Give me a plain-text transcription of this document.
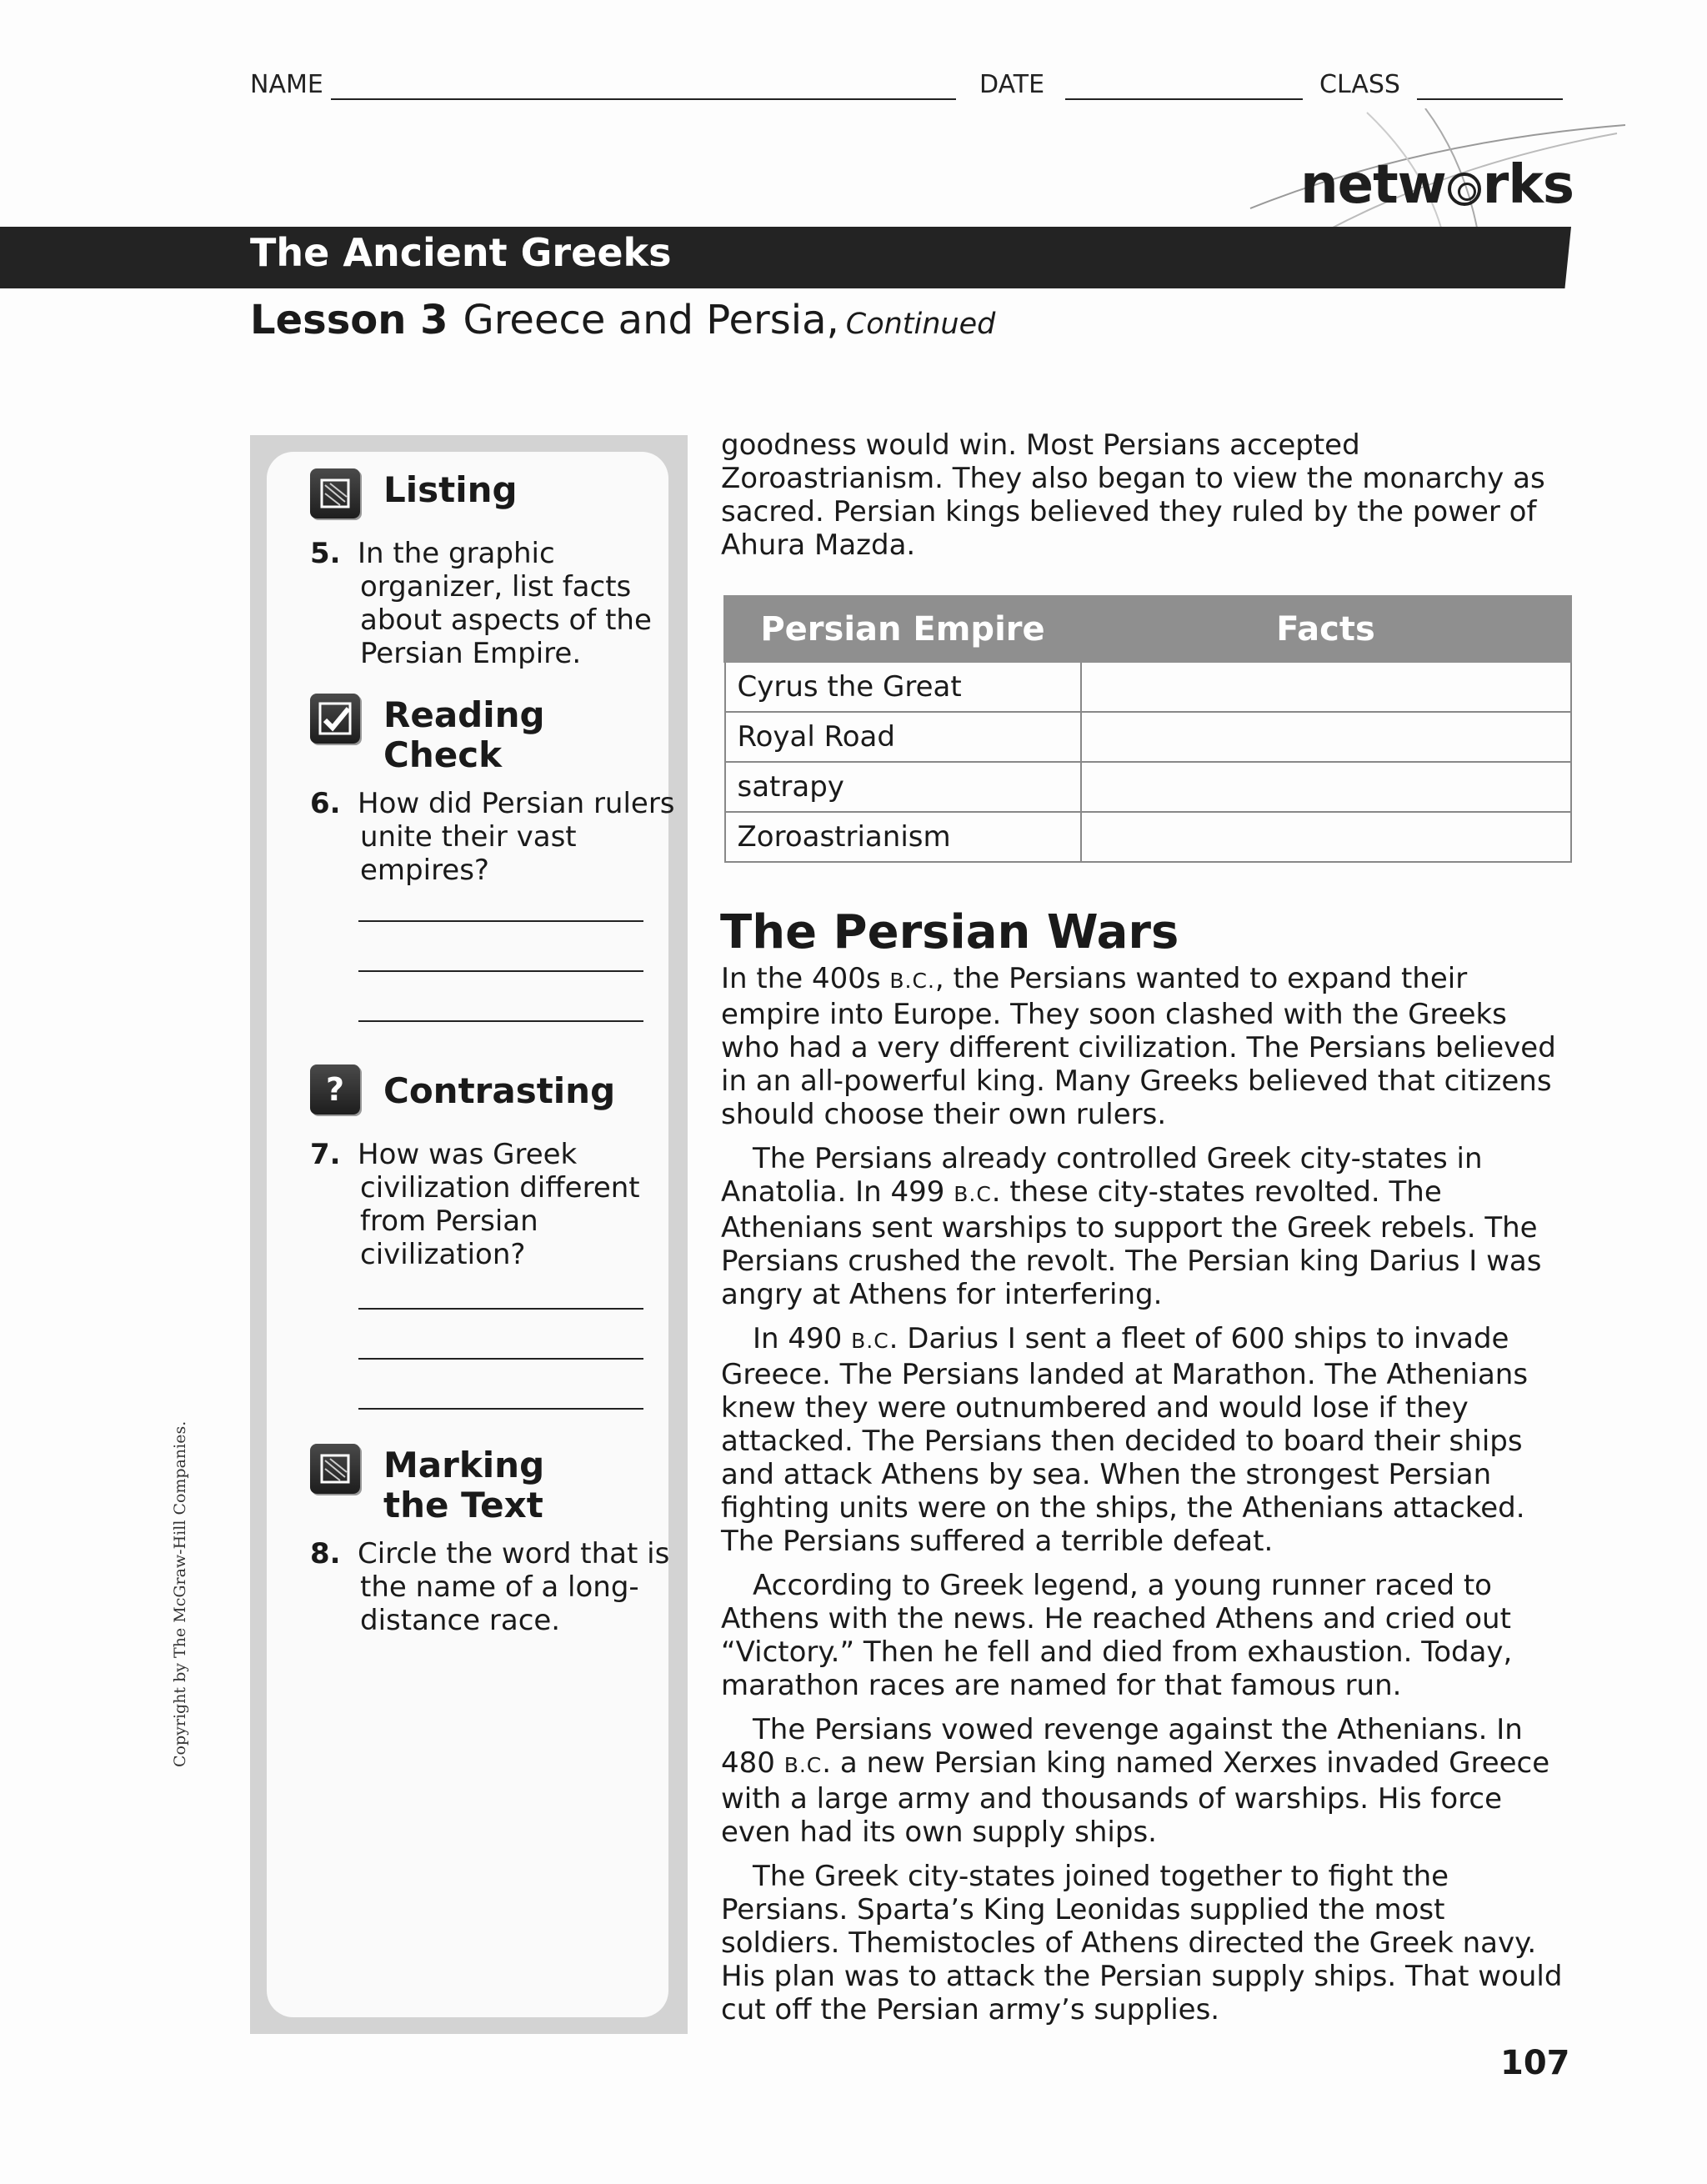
NAME	DATE	CLASS
netw rks
The Ancient Greeks
Lesson 3 Greece and Persia, Continued
Listing
5. In the graphic organizer, list facts about aspects of the Persian Empire.
Reading
Check
6. How did Persian rulers unite their vast empires?
?	Contrasting
7. How was Greek civilization different from Persian civilization?
Marking
the Text
8. Circle the word that is the name of a long-distance race.

goodness would win. Most Persians accepted Zoroastrianism. They also began to view the monarchy as sacred. Persian kings believed they ruled by the power of Ahura Mazda.

Persian Empire	Facts
Cyrus the Great	
Royal Road	
satrapy	
Zoroastrianism	
The Persian Wars

In the 400s B.C., the Persians wanted to expand their empire into Europe. They soon clashed with the Greeks who had a very different civilization. The Persians believed in an all-powerful king. Many Greeks believed that citizens should choose their own rulers.

The Persians already controlled Greek city-states in Anatolia. In 499 B.C. these city-states revolted. The Athenians sent warships to support the Greek rebels. The Persians crushed the revolt. The Persian king Darius I was angry at Athens for interfering.

In 490 B.C. Darius I sent a fleet of 600 ships to invade Greece. The Persians landed at Marathon. The Athenians knew they were outnumbered and would lose if they attacked. The Persians then decided to board their ships and attack Athens by sea. When the strongest Persian fighting units were on the ships, the Athenians attacked. The Persians suffered a terrible defeat.

According to Greek legend, a young runner raced to Athens with the news. He reached Athens and cried out “Victory.” Then he fell and died from exhaustion. Today, marathon races are named for that famous run.

The Persians vowed revenge against the Athenians. In 480 B.C. a new Persian king named Xerxes invaded Greece with a large army and thousands of warships. His force even had its own supply ships.

The Greek city-states joined together to fight the Persians. Sparta’s King Leonidas supplied the most soldiers. Themistocles of Athens directed the Greek navy. His plan was to attack the Persian supply ships. That would cut off the Persian army’s supplies.

107
Copyright by The McGraw-Hill Companies.
